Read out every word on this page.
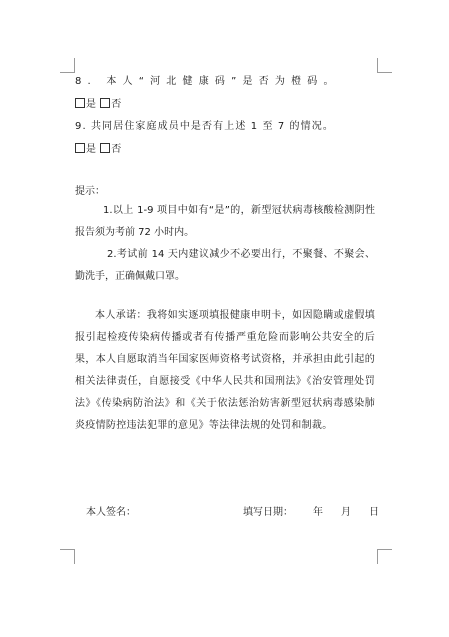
8. 本人“河北健康码”是否为橙码。

是 否

9. 共同居住家庭成员中是否有上述 1 至 7 的情况。

是 否

提示：

1.以上 1-9 项目中如有“是”的，新型冠状病毒核酸检测阴性报告须为考前 72 小时内。

2.考试前 14 天内建议减少不必要出行，不聚餐、不聚会、勤洗手，正确佩戴口罩。

本人承诺：我将如实逐项填报健康申明卡，如因隐瞒或虚假填报引起检疫传染病传播或者有传播严重危险而影响公共安全的后果，本人自愿取消当年国家医师资格考试资格，并承担由此引起的相关法律责任，自愿接受《中华人民共和国刑法》《治安管理处罚法》《传染病防治法》和《关于依法惩治妨害新型冠状病毒感染肺炎疫情防控违法犯罪的意见》等法律法规的处罚和制裁。

本人签名：	填写日期： 年 月 日
